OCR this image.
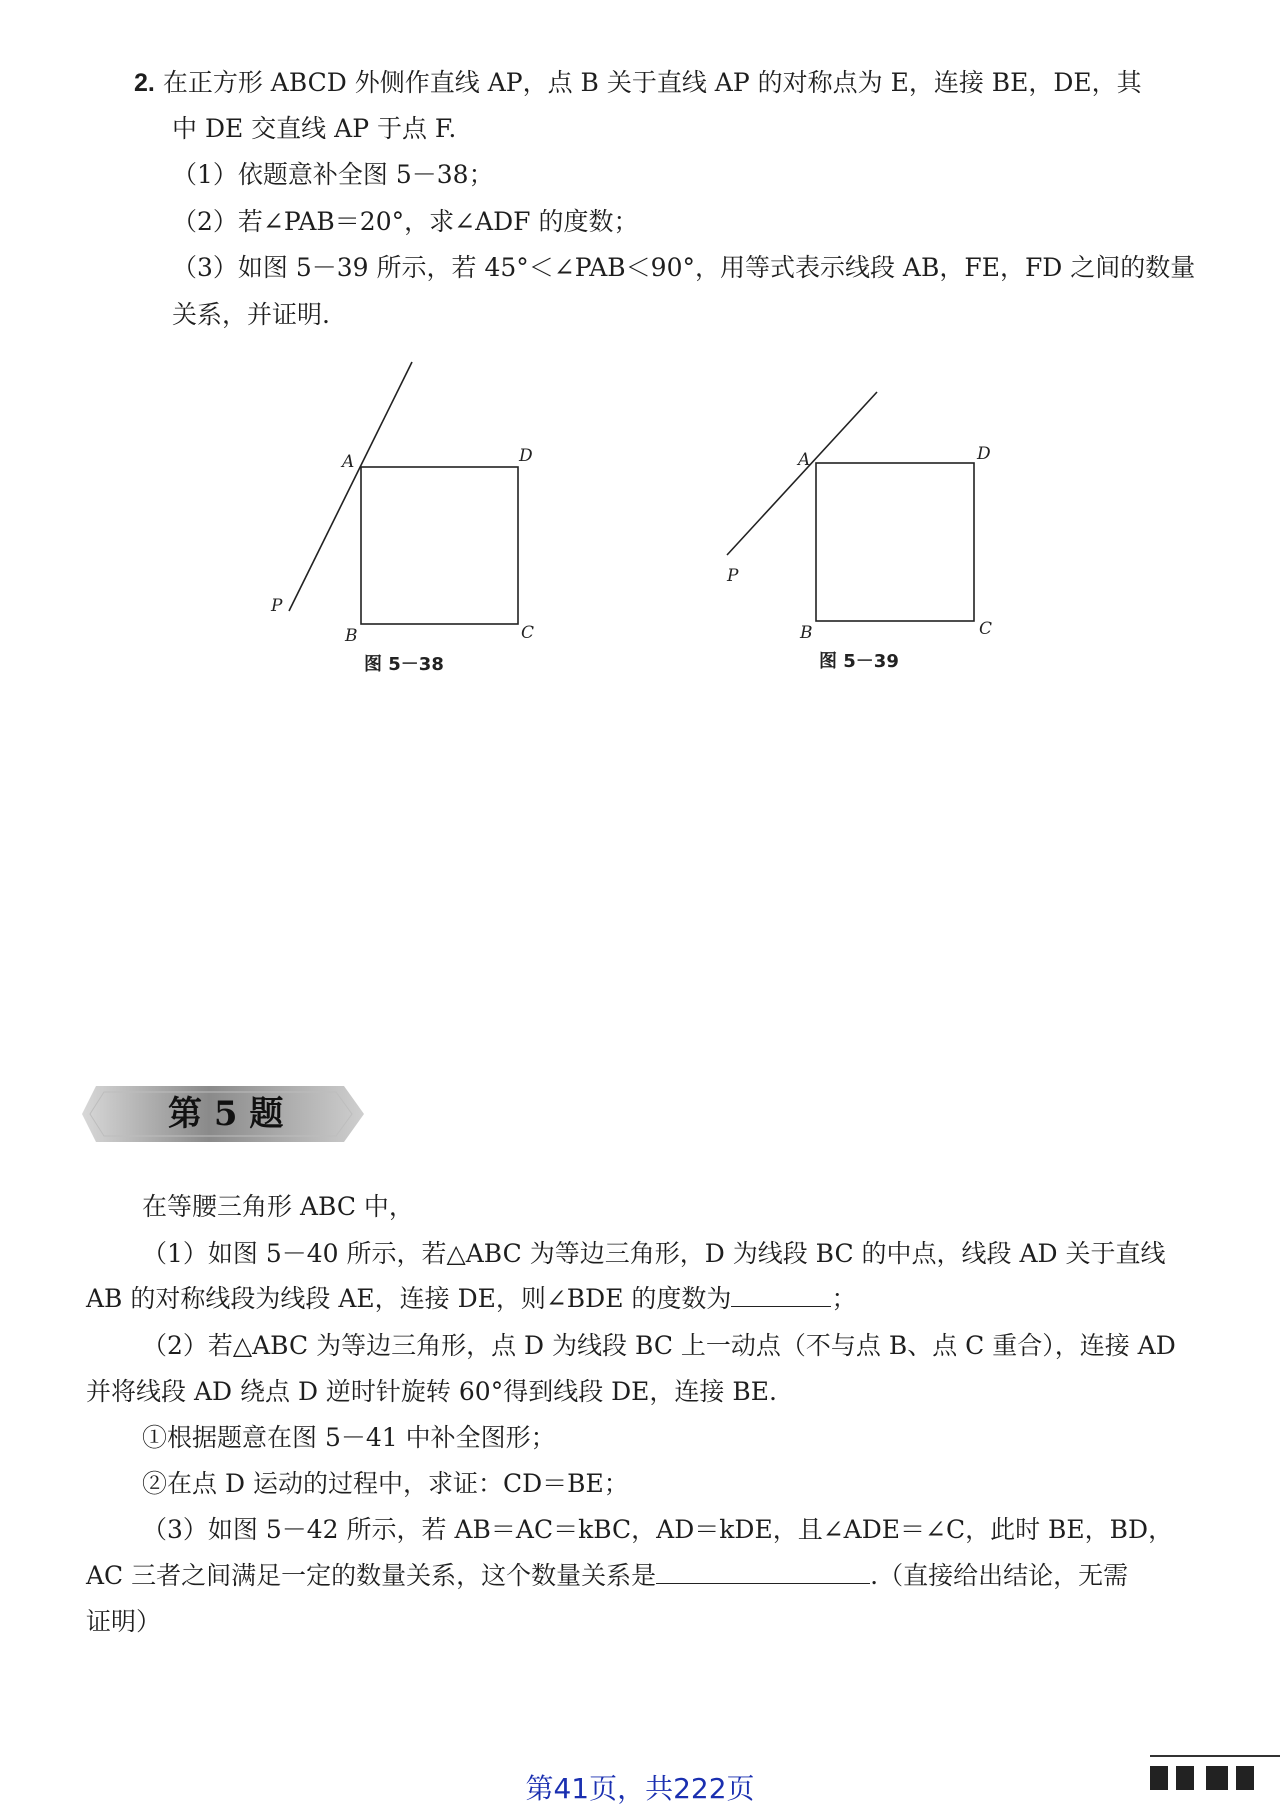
2. 在正方形 ABCD 外侧作直线 AP，点 B 关于直线 AP 的对称点为 E，连接 BE，DE，其
中 DE 交直线 AP 于点 F.
（1）依题意补全图 5－38；
（2）若∠PAB＝20°，求∠ADF 的度数；
（3）如图 5－39 所示，若 45°＜∠PAB＜90°，用等式表示线段 AB，FE，FD 之间的数量
关系，并证明.
A	D
P
B	C
图 5－38
A	D
P
B	C
图 5－39
第 5 题
在等腰三角形 ABC 中，
（1）如图 5－40 所示，若△ABC 为等边三角形，D 为线段 BC 的中点，线段 AD 关于直线
AB 的对称线段为线段 AE，连接 DE，则∠BDE 的度数为	；
（2）若△ABC 为等边三角形，点 D 为线段 BC 上一动点（不与点 B、点 C 重合），连接 AD
并将线段 AD 绕点 D 逆时针旋转 60°得到线段 DE，连接 BE.
①根据题意在图 5－41 中补全图形；
②在点 D 运动的过程中，求证：CD＝BE；
（3）如图 5－42 所示，若 AB＝AC＝kBC，AD＝kDE，且∠ADE＝∠C，此时 BE，BD，
AC 三者之间满足一定的数量关系，这个数量关系是	.（直接给出结论，无需
证明）
第41页，共222页
